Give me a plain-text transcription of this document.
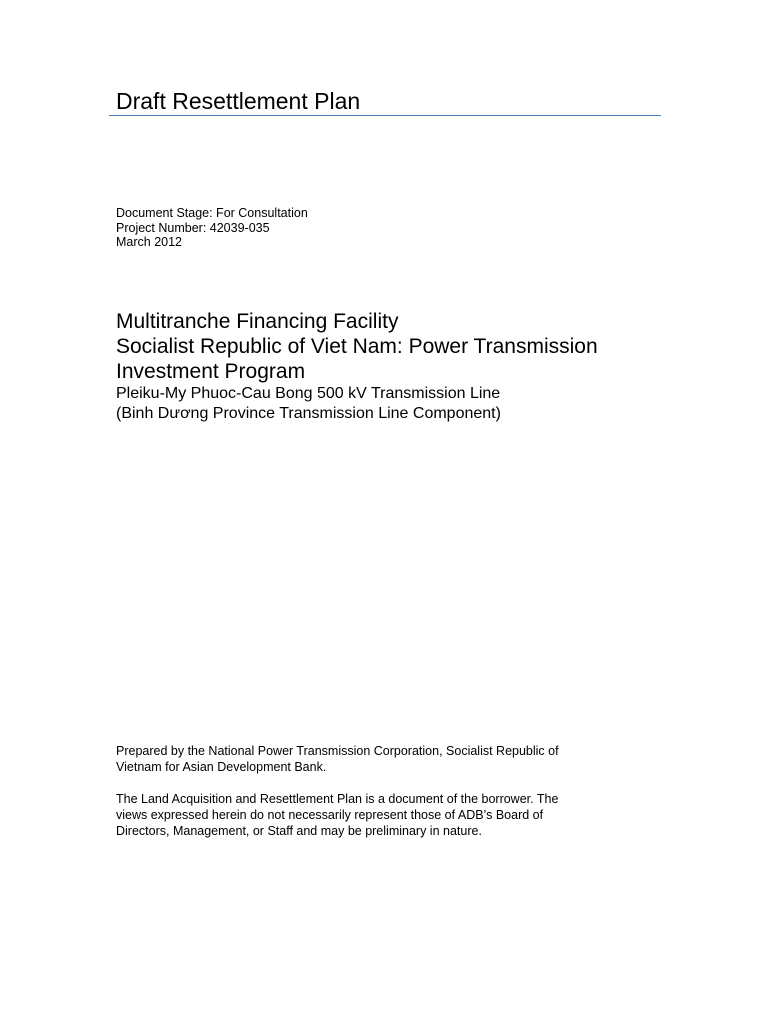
Draft Resettlement Plan
Document Stage: For Consultation
Project Number: 42039-035
March 2012
Multitranche Financing Facility
Socialist Republic of Viet Nam: Power Transmission
Investment Program
Pleiku-My Phuoc-Cau Bong 500 kV Transmission Line
(Binh Dương Province Transmission Line Component)
Prepared by the National Power Transmission Corporation, Socialist Republic of
Vietnam for Asian Development Bank.
The Land Acquisition and Resettlement Plan is a document of the borrower. The
views expressed herein do not necessarily represent those of ADB’s Board of
Directors, Management, or Staff and may be preliminary in nature.
